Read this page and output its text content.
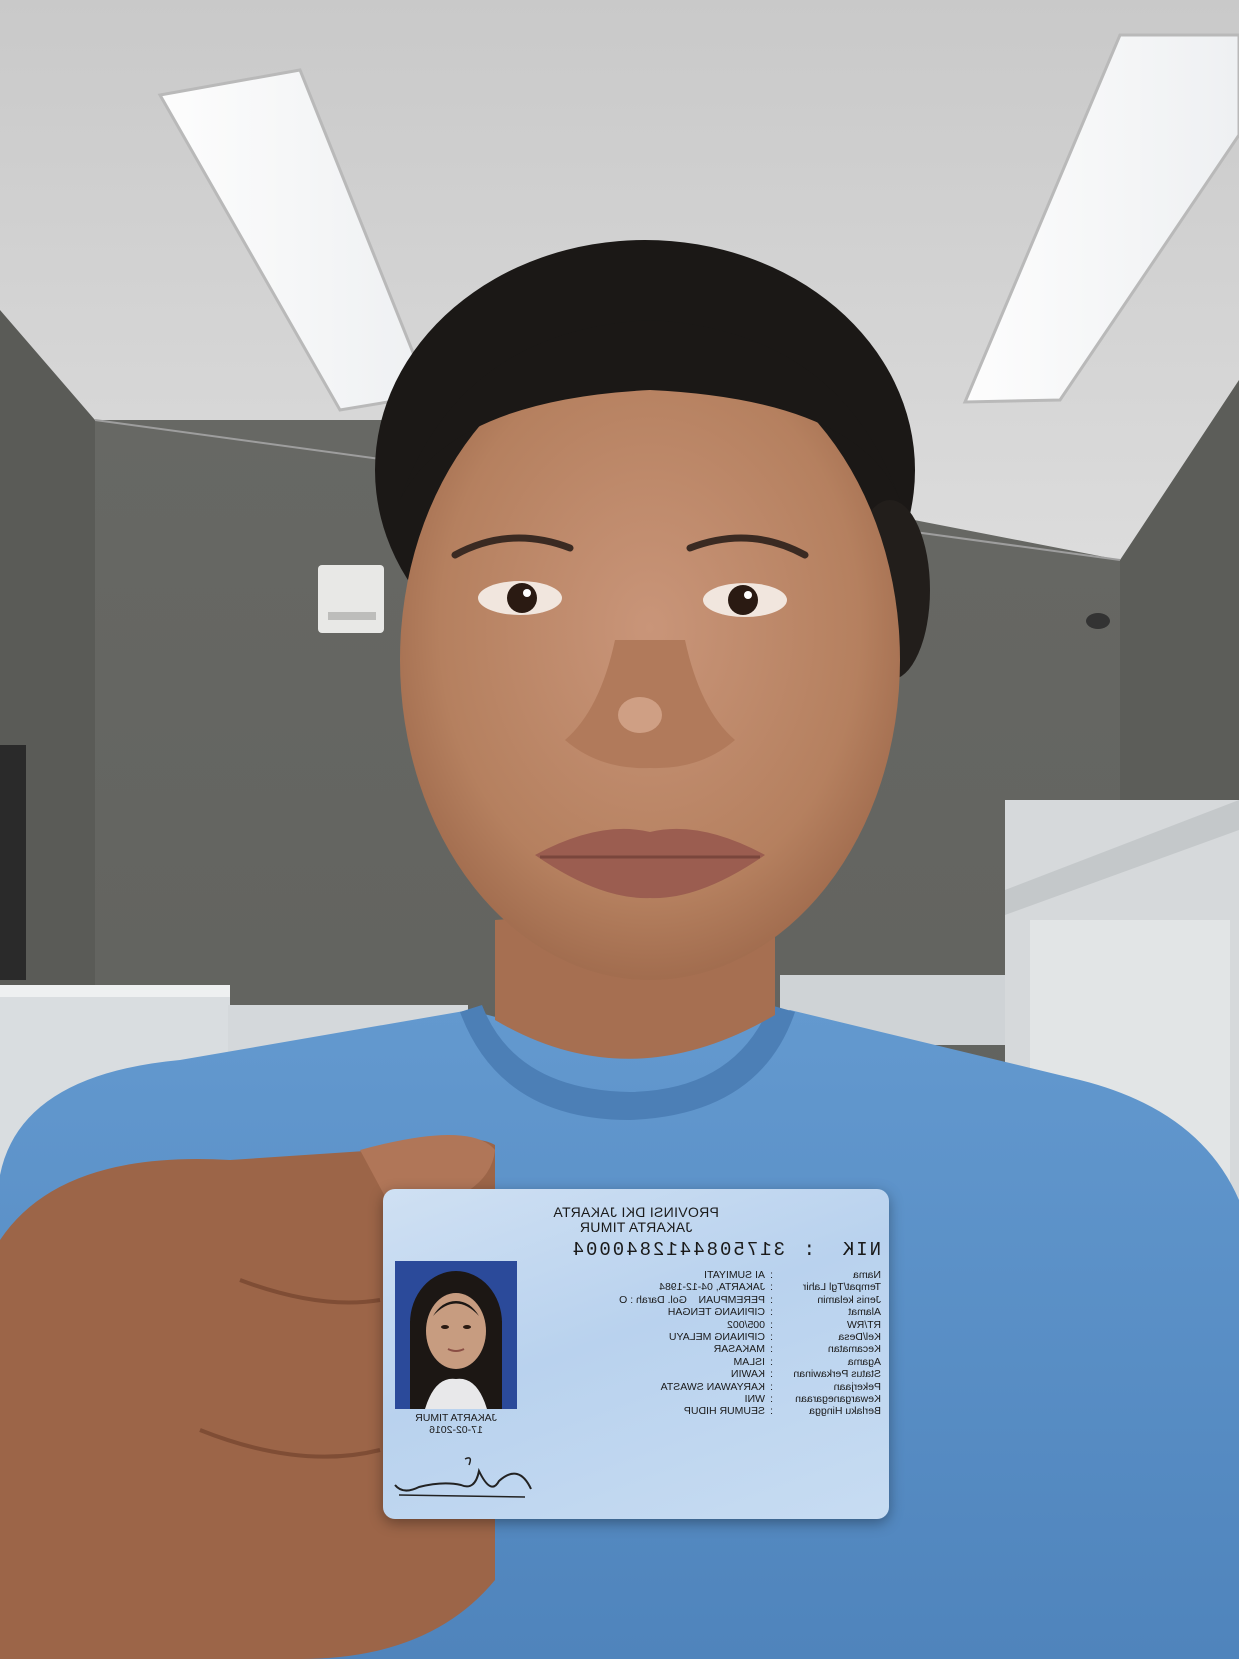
PROVINSI DKI JAKARTA
JAKARTA TIMUR
NIK:3175084412840004
Nama:AI SUMIYATI
Tempat/Tgl Lahir:JAKARTA, 04-12-1984
Jenis kelamin:PEREMPUAN    Gol. Darah : O
Alamat:CIPINANG TENGAH
RT/RW:005/002
Kel/Desa:CIPINANG MELAYU
Kecamatan:MAKASAR
Agama:ISLAM
Status Perkawinan:KAWIN
Pekerjaan:KARYAWAN SWASTA
Kewarganegaraan:WNI
Berlaku Hingga:SEUMUR HIDUP
JAKARTA TIMUR
17-02-2016
